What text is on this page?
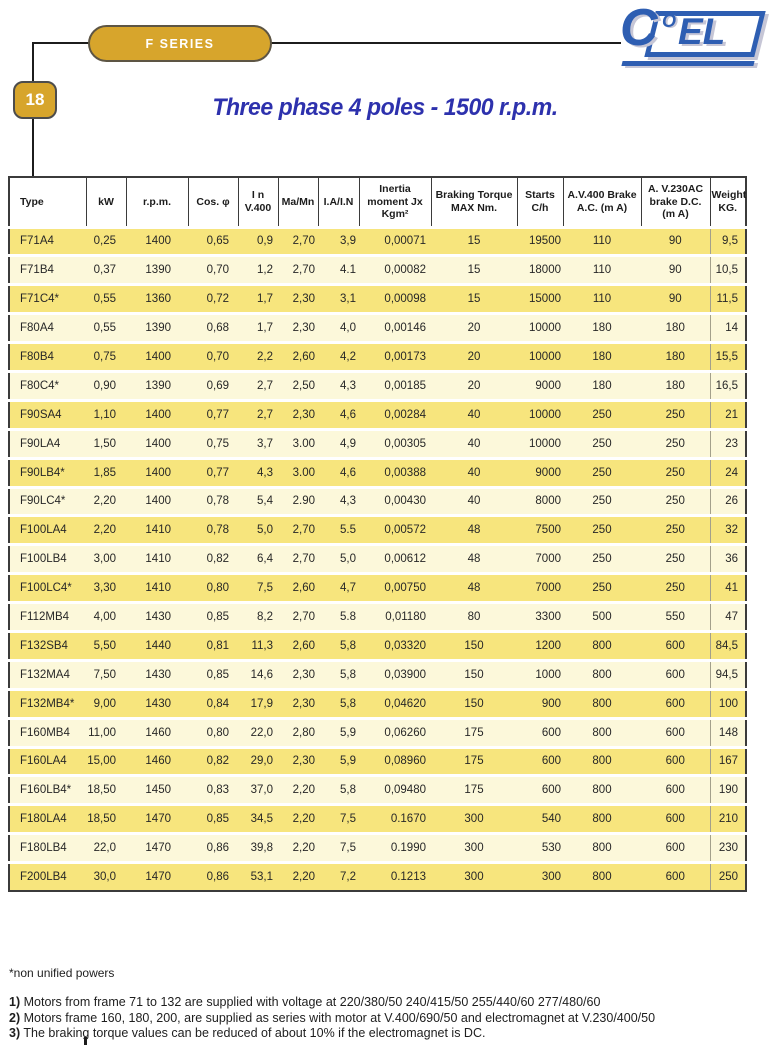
F SERIES
18
C O EL
Three phase 4 poles - 1500 r.p.m.
Type	kW	r.p.m.	Cos. φ	I n V.400	Ma/Mn	I.A/I.N	Inertia moment Jx Kgm²	Braking Torque MAX Nm.	Starts C/h	A.V.400 Brake A.C. (m A)	A. V.230AC brake D.C. (m A)	Weight KG.
F71A4	0,25	1400	0,65	0,9	2,70	3,9	0,00071	15	19500	110	90	9,5
F71B4	0,37	1390	0,70	1,2	2,70	4.1	0,00082	15	18000	110	90	10,5
F71C4*	0,55	1360	0,72	1,7	2,30	3,1	0,00098	15	15000	110	90	11,5
F80A4	0,55	1390	0,68	1,7	2,30	4,0	0,00146	20	10000	180	180	14
F80B4	0,75	1400	0,70	2,2	2,60	4,2	0,00173	20	10000	180	180	15,5
F80C4*	0,90	1390	0,69	2,7	2,50	4,3	0,00185	20	9000	180	180	16,5
F90SA4	1,10	1400	0,77	2,7	2,30	4,6	0,00284	40	10000	250	250	21
F90LA4	1,50	1400	0,75	3,7	3.00	4,9	0,00305	40	10000	250	250	23
F90LB4*	1,85	1400	0,77	4,3	3.00	4,6	0,00388	40	9000	250	250	24
F90LC4*	2,20	1400	0,78	5,4	2.90	4,3	0,00430	40	8000	250	250	26
F100LA4	2,20	1410	0,78	5,0	2,70	5.5	0,00572	48	7500	250	250	32
F100LB4	3,00	1410	0,82	6,4	2,70	5,0	0,00612	48	7000	250	250	36
F100LC4*	3,30	1410	0,80	7,5	2,60	4,7	0,00750	48	7000	250	250	41
F112MB4	4,00	1430	0,85	8,2	2,70	5.8	0,01180	80	3300	500	550	47
F132SB4	5,50	1440	0,81	11,3	2,60	5,8	0,03320	150	1200	800	600	84,5
F132MA4	7,50	1430	0,85	14,6	2,30	5,8	0,03900	150	1000	800	600	94,5
F132MB4*	9,00	1430	0,84	17,9	2,30	5,8	0,04620	150	900	800	600	100
F160MB4	11,00	1460	0,80	22,0	2,80	5,9	0,06260	175	600	800	600	148
F160LA4	15,00	1460	0,82	29,0	2,30	5,9	0,08960	175	600	800	600	167
F160LB4*	18,50	1450	0,83	37,0	2,20	5,8	0,09480	175	600	800	600	190
F180LA4	18,50	1470	0,85	34,5	2,20	7,5	0.1670	300	540	800	600	210
F180LB4	22,0	1470	0,86	39,8	2,20	7,5	0.1990	300	530	800	600	230
F200LB4	30,0	1470	0,86	53,1	2,20	7,2	0.1213	300	300	800	600	250
*non unified powers
1) Motors from frame 71 to 132 are supplied with voltage at 220/380/50 240/415/50 255/440/60 277/480/60
2) Motors frame 160, 180, 200, are supplied as series with motor at V.400/690/50 and electromagnet at V.230/400/50
3) The braking torque values can be reduced of about 10% if the electromagnet is DC.
